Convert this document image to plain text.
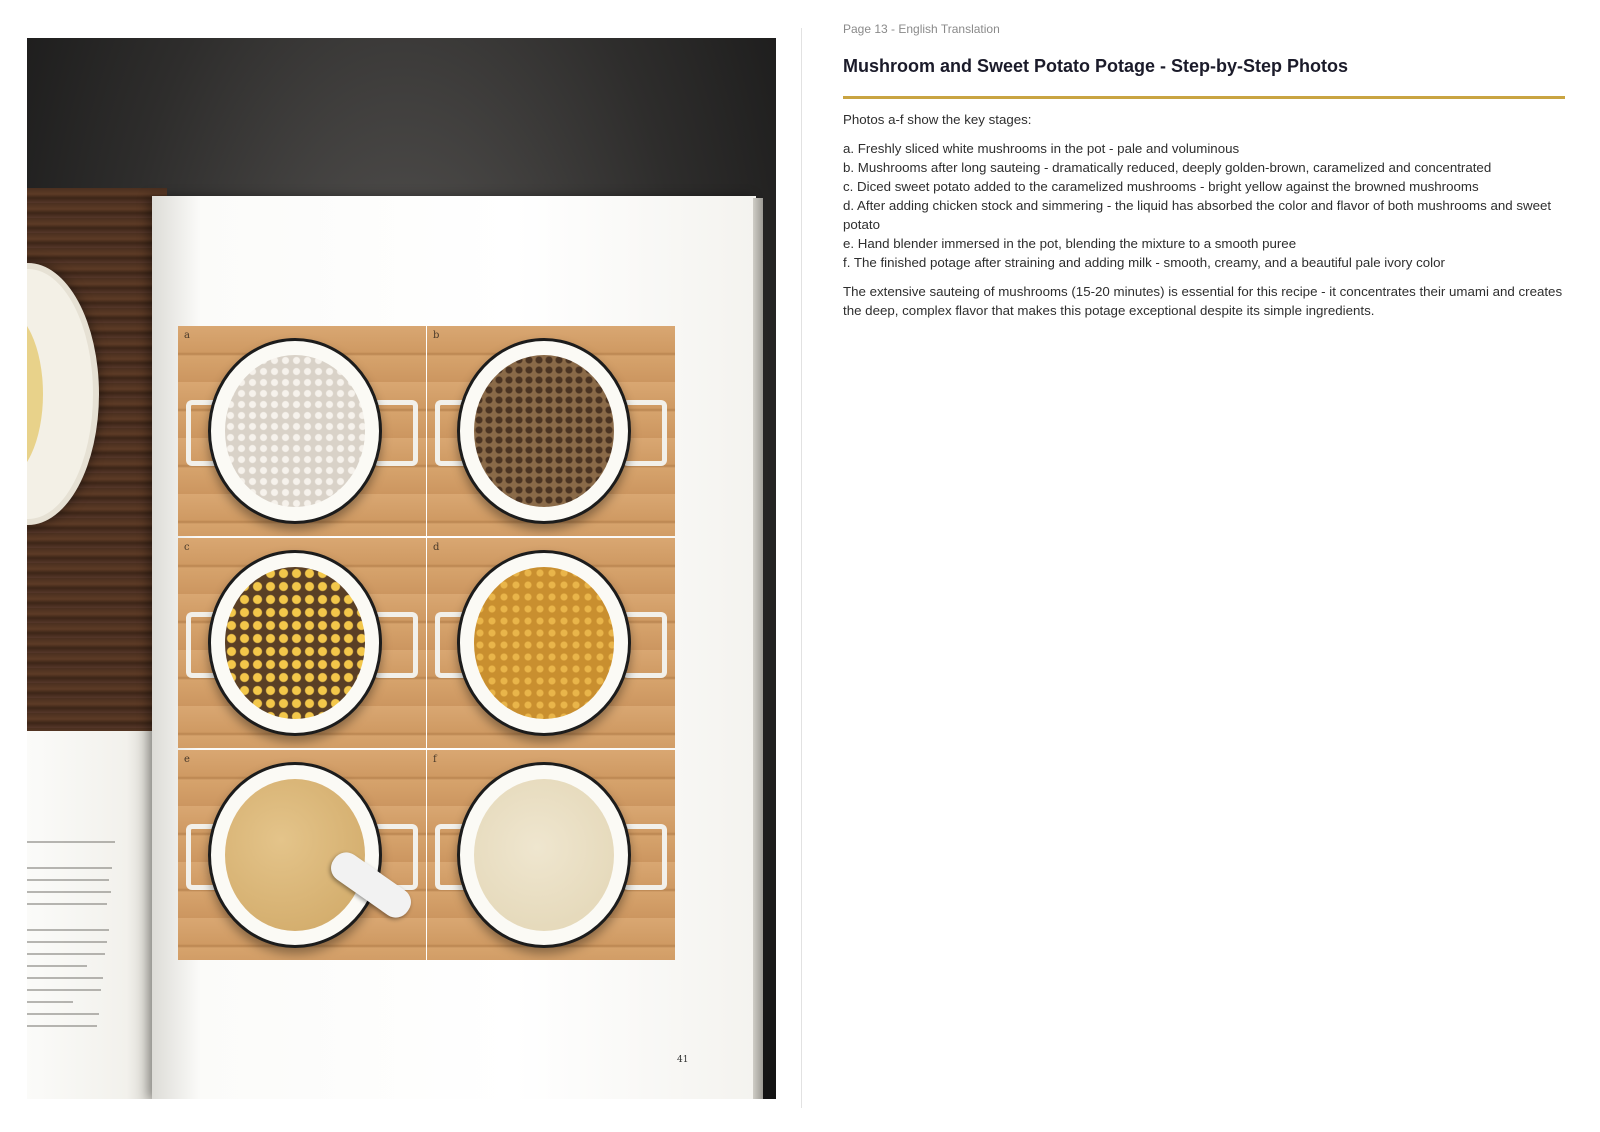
a	b
c	d
e	f
41
Page 13 - English Translation
Mushroom and Sweet Potato Potage - Step-by-Step Photos
Photos a-f show the key stages:
a. Freshly sliced white mushrooms in the pot - pale and voluminous
b. Mushrooms after long sauteing - dramatically reduced, deeply golden-brown, caramelized and concentrated
c. Diced sweet potato added to the caramelized mushrooms - bright yellow against the browned mushrooms
d. After adding chicken stock and simmering - the liquid has absorbed the color and flavor of both mushrooms and sweet potato
e. Hand blender immersed in the pot, blending the mixture to a smooth puree
f. The finished potage after straining and adding milk - smooth, creamy, and a beautiful pale ivory color
The extensive sauteing of mushrooms (15-20 minutes) is essential for this recipe - it concentrates their umami and creates the deep, complex flavor that makes this potage exceptional despite its simple ingredients.
